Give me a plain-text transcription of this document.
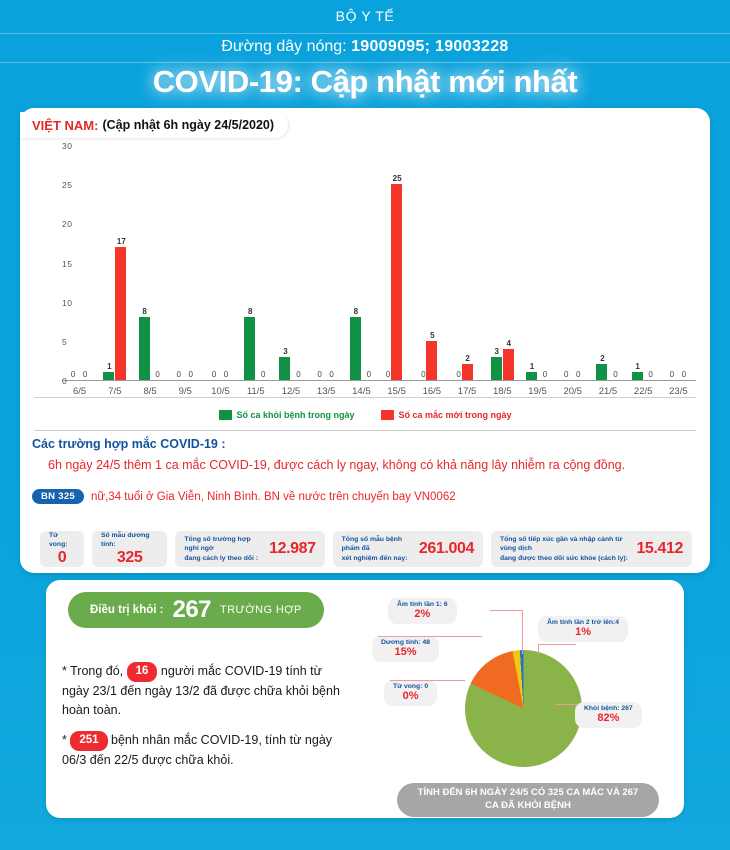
BỘ Y TẾ
Đường dây nóng: 19009095; 19003228
COVID-19: Cập nhật mới nhất
VIỆT NAM: (Cập nhật 6h ngày 24/5/2020)
0 0
1
17
8
0	0 0	0 0
8
0
3
0	0 0
8
0	0
25
0
5
0
2
3
4
1
0	0 0
2
0
1
0	0 0
0
5
10
15
20
25
30
6/5	7/5	8/5	9/5	10/5	11/5	12/5	13/5	14/5	15/5	16/5	17/5	18/5	19/5	20/5	21/5	22/5	23/5
Số ca khỏi bệnh trong ngày	Số ca mắc mới trong ngày
Các trường hợp mắc COVID-19 :
6h ngày 24/5 thêm 1 ca mắc COVID-19, được cách ly ngay, không có khả năng lây nhiễm ra cộng đồng.
BN 325	nữ,34 tuổi ở Gia Viễn, Ninh Bình. BN về nước trên chuyến bay VN0062
Tử vong:
0
Số mẫu dương tính:
325
Tổng số trường hợp nghi ngờ
đang cách ly theo dõi :
12.987
Tổng số mẫu bệnh phẩm đã
xét nghiệm đến nay:
261.004
Tổng số tiếp xúc gần và nhập cảnh từ vùng dịch
đang được theo dõi sức khỏe (cách ly):
15.412
Điều trị khỏi : 267 TRƯỜNG HỢP
* Trong đó, 16 người mắc COVID-19 tính từ ngày 23/1 đến ngày 13/2 đã được chữa khỏi bệnh hoàn toàn.
* 251 bệnh nhân mắc COVID-19, tính từ ngày 06/3 đến 22/5 được chữa khỏi.
Âm tính lần 1: 6
2%
Âm tính lần 2 trở lên:4
1%
Dương tính: 48
15%
Tử vong: 0
0%
Khỏi bệnh: 267
82%
TÍNH ĐẾN 6H NGÀY 24/5 CÓ 325 CA MẮC VÀ 267 CA ĐÃ KHỎI BỆNH
